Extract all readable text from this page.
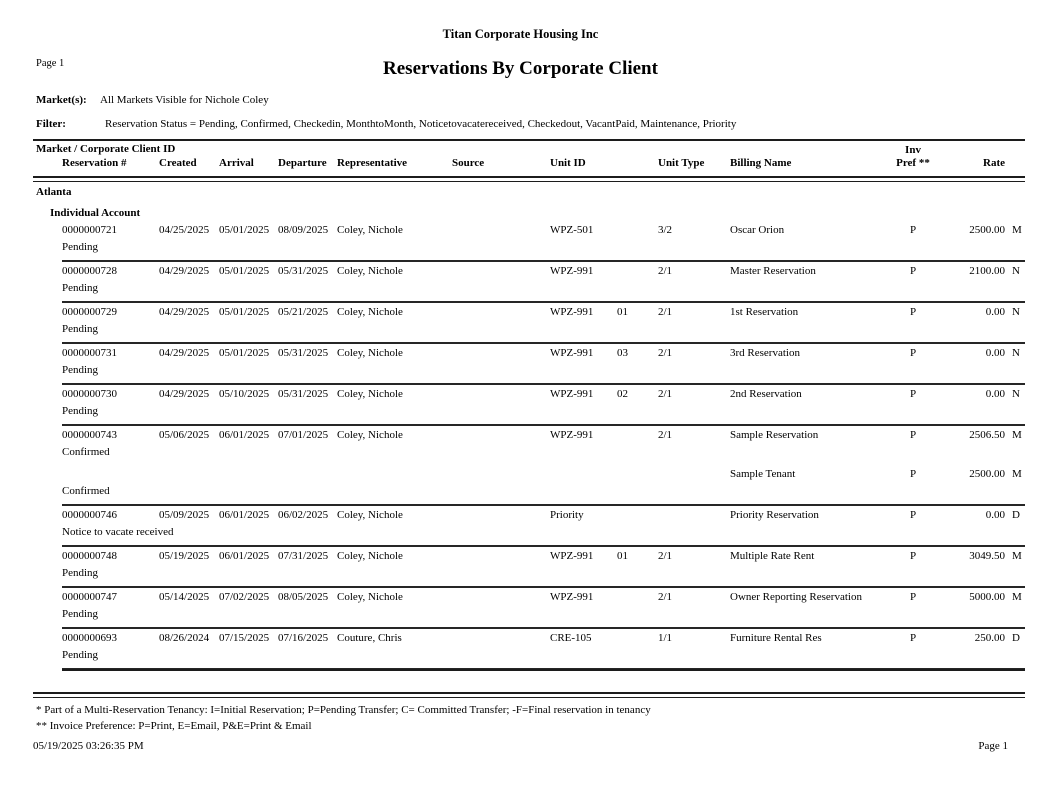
Titan Corporate Housing Inc
Page 1	Reservations By Corporate Client
Market(s): All Markets Visible for Nichole Coley
Filter:	Reservation Status = Pending, Confirmed, Checkedin, MonthtoMonth, Noticetovacatereceived, Checkedout, VacantPaid, Maintenance, Priority
Market / Corporate Client ID
Reservation #	Created Arrival Departure Representative	Source	Unit ID	Unit Type Billing Name
Inv
Pref **	Rate
Atlanta
Individual Account
0000000721	04/25/2025 05/01/2025 08/09/2025 Coley, Nichole	WPZ-501	3/2	Oscar Orion	P	2500.00 M
Pending
0000000728	04/29/2025 05/01/2025 05/31/2025 Coley, Nichole	WPZ-991	2/1	Master Reservation	P	2100.00 N
Pending
0000000729	04/29/2025 05/01/2025 05/21/2025 Coley, Nichole	WPZ-991 01	2/1	1st Reservation	P	0.00 N
Pending
0000000731	04/29/2025 05/01/2025 05/31/2025 Coley, Nichole	WPZ-991 03	2/1	3rd Reservation	P	0.00 N
Pending
0000000730	04/29/2025 05/10/2025 05/31/2025 Coley, Nichole	WPZ-991 02	2/1	2nd Reservation	P	0.00 N
Pending
0000000743	05/06/2025 06/01/2025 07/01/2025 Coley, Nichole	WPZ-991	2/1	Sample Reservation	P	2506.50 M
Confirmed
Sample Tenant	P	2500.00 M
Confirmed
0000000746	05/09/2025 06/01/2025 06/02/2025 Coley, Nichole	Priority	Priority Reservation	P	0.00 D
Notice to vacate received
0000000748	05/19/2025 06/01/2025 07/31/2025 Coley, Nichole	WPZ-991 01	2/1	Multiple Rate Rent	P	3049.50 M
Pending
0000000747	05/14/2025 07/02/2025 08/05/2025 Coley, Nichole	WPZ-991	2/1	Owner Reporting Reservation	P	5000.00 M
Pending
0000000693	08/26/2024 07/15/2025 07/16/2025 Couture, Chris	CRE-105	1/1	Furniture Rental Res	P	250.00 D
Pending
* Part of a Multi-Reservation Tenancy: I=Initial Reservation; P=Pending Transfer; C= Committed Transfer; -F=Final reservation in tenancy
** Invoice Preference: P=Print, E=Email, P&E=Print & Email
05/19/2025 03:26:35 PM	Page 1
